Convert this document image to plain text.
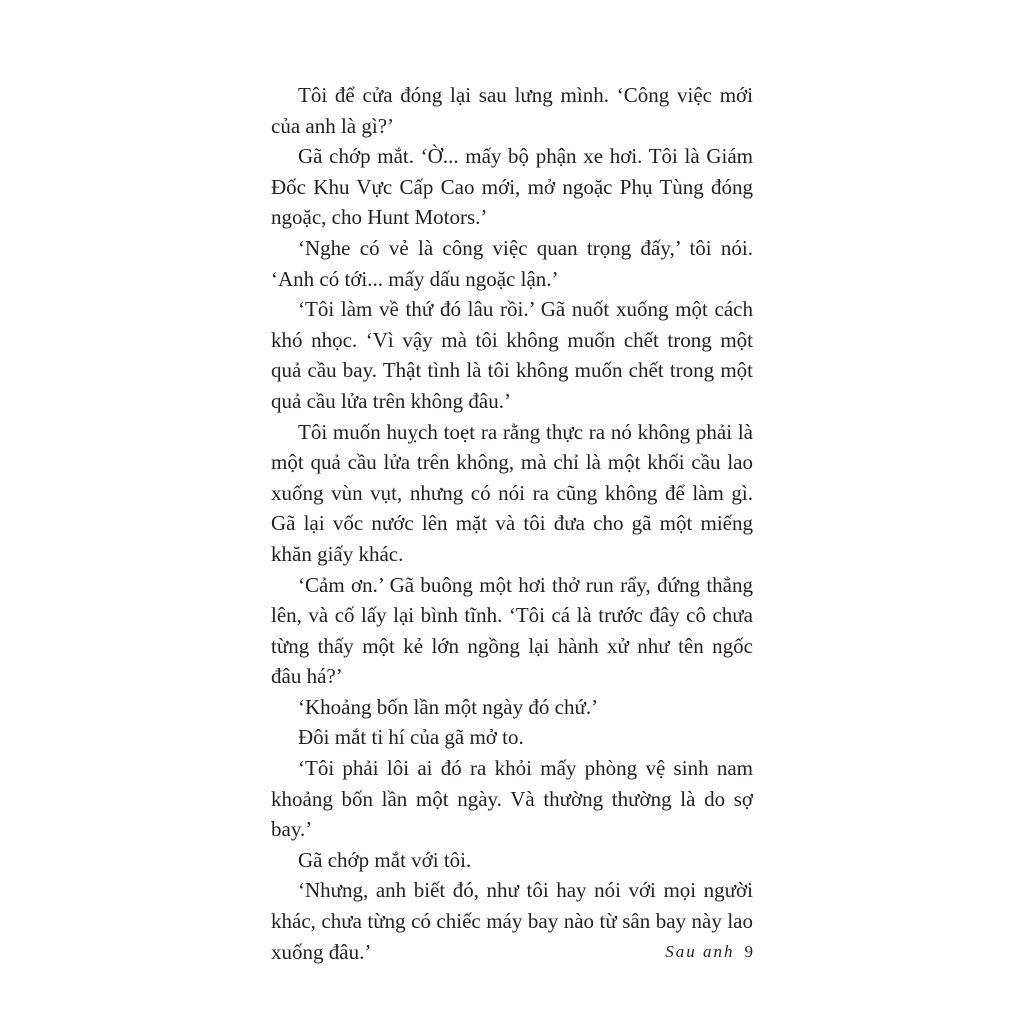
Tôi để cửa đóng lại sau lưng mình. ‘Công việc mới của anh là gì?’

Gã chớp mắt. ‘Ờ... mấy bộ phận xe hơi. Tôi là Giám Đốc Khu Vực Cấp Cao mới, mở ngoặc Phụ Tùng đóng ngoặc, cho Hunt Motors.’

‘Nghe có vẻ là công việc quan trọng đấy,’ tôi nói. ‘Anh có tới... mấy dấu ngoặc lận.’

‘Tôi làm về thứ đó lâu rồi.’ Gã nuốt xuống một cách khó nhọc. ‘Vì vậy mà tôi không muốn chết trong một quả cầu bay. Thật tình là tôi không muốn chết trong một quả cầu lửa trên không đâu.’

Tôi muốn huỵch toẹt ra rằng thực ra nó không phải là một quả cầu lửa trên không, mà chỉ là một khối cầu lao xuống vùn vụt, nhưng có nói ra cũng không để làm gì. Gã lại vốc nước lên mặt và tôi đưa cho gã một miếng khăn giấy khác.

‘Cảm ơn.’ Gã buông một hơi thở run rẩy, đứng thẳng lên, và cố lấy lại bình tĩnh. ‘Tôi cá là trước đây cô chưa từng thấy một kẻ lớn ngồng lại hành xử như tên ngốc đâu há?’

‘Khoảng bốn lần một ngày đó chứ.’

Đôi mắt ti hí của gã mở to.

‘Tôi phải lôi ai đó ra khỏi mấy phòng vệ sinh nam khoảng bốn lần một ngày. Và thường thường là do sợ bay.’

Gã chớp mắt với tôi.

‘Nhưng, anh biết đó, như tôi hay nói với mọi người khác, chưa từng có chiếc máy bay nào từ sân bay này lao xuống đâu.’	Sau anh 9
